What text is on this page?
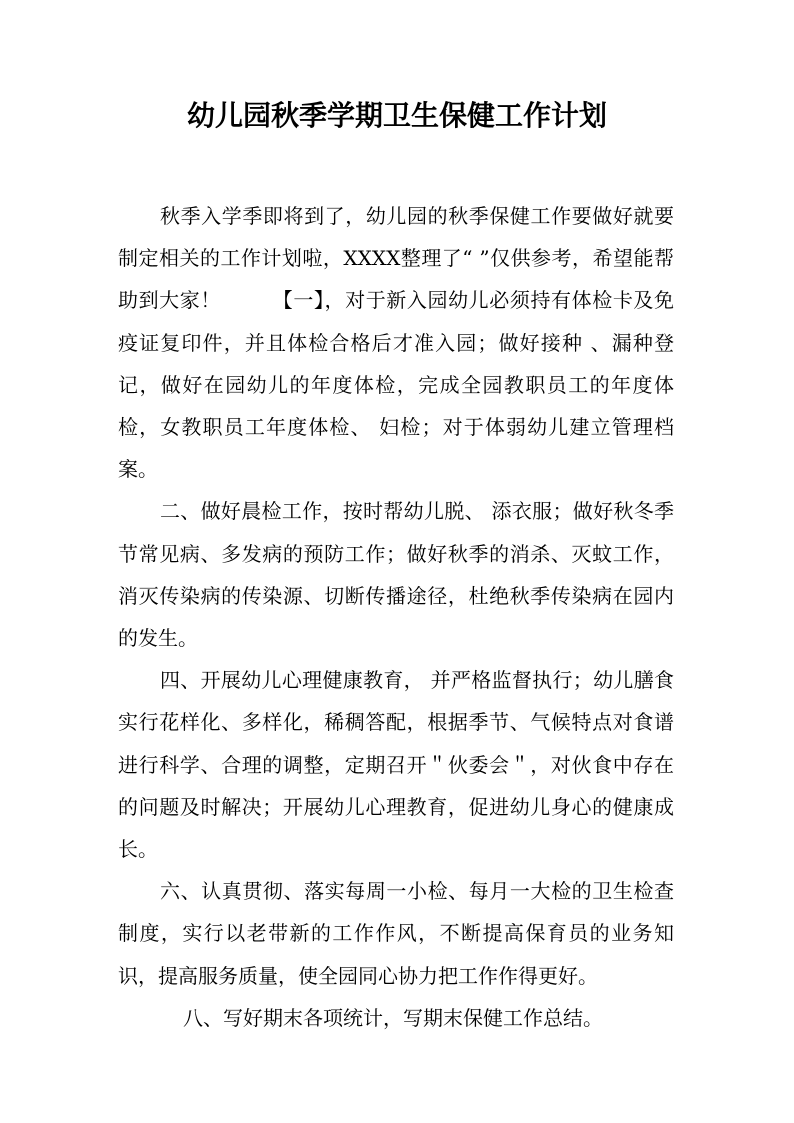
幼儿园秋季学期卫生保健工作计划

秋季入学季即将到了，幼儿园的秋季保健工作要做好就要制定相关的工作计划啦，XXXX整理了“ ”仅供参考，希望能帮助到大家！　　　【一】，对于新入园幼儿必须持有体检卡及免疫证复印件，并且体检合格后才准入园；做好接种 、漏种登记，做好在园幼儿的年度体检，完成全园教职员工的年度体检，女教职员工年度体检、 妇检；对于体弱幼儿建立管理档案。

二、做好晨检工作，按时帮幼儿脱、 添衣服；做好秋冬季节常见病、多发病的预防工作；做好秋季的消杀、灭蚊工作，消灭传染病的传染源、切断传播途径，杜绝秋季传染病在园内的发生。

四、开展幼儿心理健康教育， 并严格监督执行；幼儿膳食实行花样化、多样化，稀稠答配，根据季节、气候特点对食谱进行科学、合理的调整，定期召开＂伙委会＂，对伙食中存在的问题及时解决；开展幼儿心理教育，促进幼儿身心的健康成长。

六、认真贯彻、落实每周一小检、每月一大检的卫生检查制度，实行以老带新的工作作风，不断提高保育员的业务知识，提高服务质量，使全园同心协力把工作作得更好。

八、写好期末各项统计，写期末保健工作总结。
